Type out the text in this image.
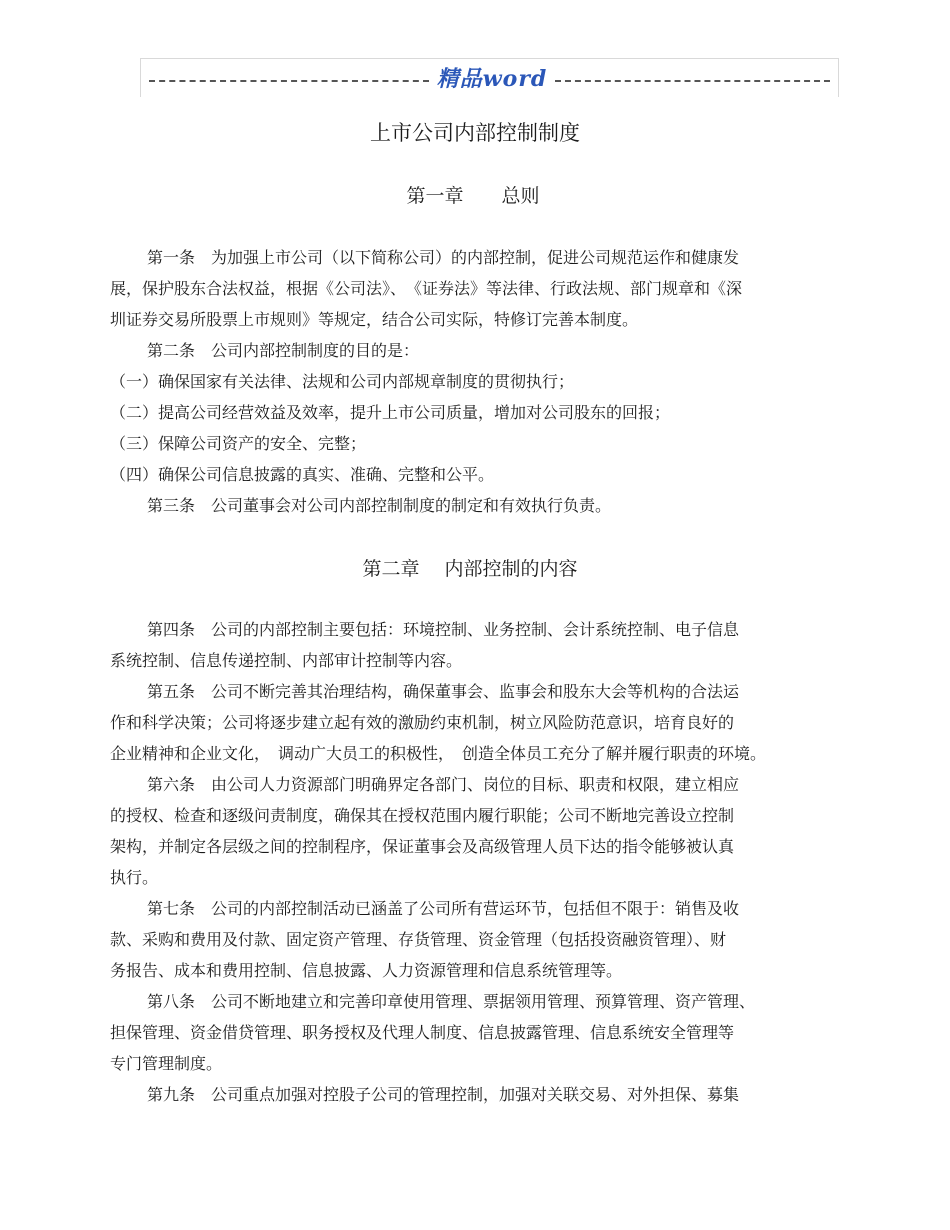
精品word
上市公司内部控制制度
第一章　　总则
第一条　为加强上市公司（以下简称公司）的内部控制，促进公司规范运作和健康发
展，保护股东合法权益，根据《公司法》、　《证券法》等法律、行政法规、部门规章和《深
圳证券交易所股票上市规则》等规定，结合公司实际，特修订完善本制度。
第二条　公司内部控制制度的目的是：
（一）确保国家有关法律、法规和公司内部规章制度的贯彻执行；
（二）提高公司经营效益及效率，提升上市公司质量，增加对公司股东的回报；
（三）保障公司资产的安全、完整；
（四）确保公司信息披露的真实、准确、完整和公平。
第三条　公司董事会对公司内部控制制度的制定和有效执行负责。
第二章　 内部控制的内容
第四条　公司的内部控制主要包括：环境控制、业务控制、会计系统控制、电子信息
系统控制、信息传递控制、内部审计控制等内容。
第五条　公司不断完善其治理结构，确保董事会、监事会和股东大会等机构的合法运
作和科学决策；公司将逐步建立起有效的激励约束机制，树立风险防范意识，培育良好的
企业精神和企业文化，　调动广大员工的积极性，　创造全体员工充分了解并履行职责的环境。
第六条　由公司人力资源部门明确界定各部门、岗位的目标、职责和权限，建立相应
的授权、检查和逐级问责制度，确保其在授权范围内履行职能；公司不断地完善设立控制
架构，并制定各层级之间的控制程序，保证董事会及高级管理人员下达的指令能够被认真
执行。
第七条　公司的内部控制活动已涵盖了公司所有营运环节，包括但不限于：销售及收
款、采购和费用及付款、固定资产管理、存货管理、资金管理（包括投资融资管理）、财
务报告、成本和费用控制、信息披露、人力资源管理和信息系统管理等。
第八条　公司不断地建立和完善印章使用管理、票据领用管理、预算管理、资产管理、
担保管理、资金借贷管理、职务授权及代理人制度、信息披露管理、信息系统安全管理等
专门管理制度。
第九条　公司重点加强对控股子公司的管理控制，加强对关联交易、对外担保、募集
